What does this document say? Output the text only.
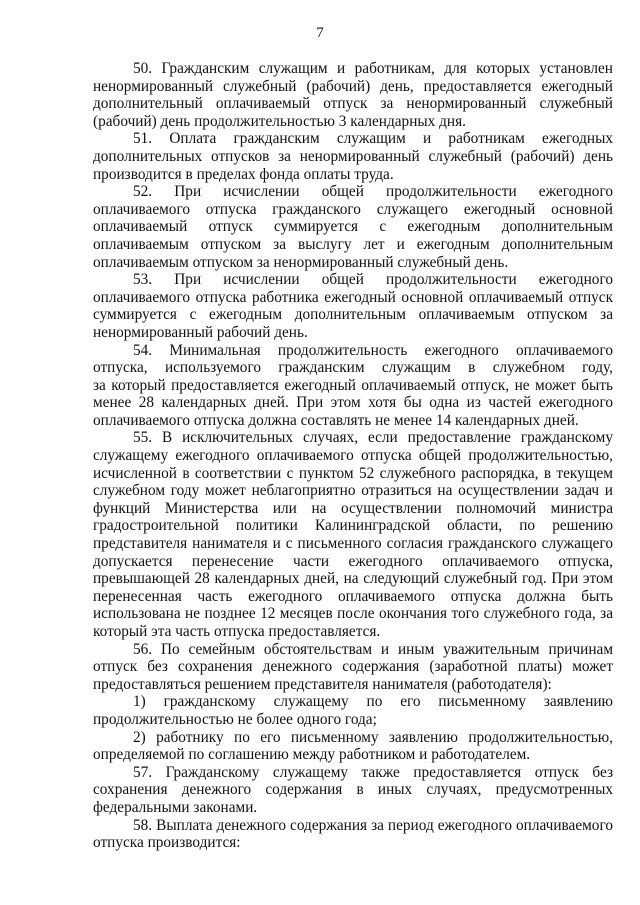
7
50. Гражданским служащим и работникам, для которых установлен
ненормированный служебный (рабочий) день, предоставляется ежегодный
дополнительный оплачиваемый отпуск за ненормированный служебный
(рабочий) день продолжительностью 3 календарных дня.
51. Оплата гражданским служащим и работникам ежегодных
дополнительных отпусков за ненормированный служебный (рабочий) день
производится в пределах фонда оплаты труда.
52. При исчислении общей продолжительности ежегодного
оплачиваемого отпуска гражданского служащего ежегодный основной
оплачиваемый отпуск суммируется с ежегодным дополнительным
оплачиваемым отпуском за выслугу лет и ежегодным дополнительным
оплачиваемым отпуском за ненормированный служебный день.
53. При исчислении общей продолжительности ежегодного
оплачиваемого отпуска работника ежегодный основной оплачиваемый отпуск
суммируется с ежегодным дополнительным оплачиваемым отпуском за
ненормированный рабочий день.
54. Минимальная продолжительность ежегодного оплачиваемого
отпуска, используемого гражданским служащим в служебном году,
за который предоставляется ежегодный оплачиваемый отпуск, не может быть
менее 28 календарных дней. При этом хотя бы одна из частей ежегодного
оплачиваемого отпуска должна составлять не менее 14 календарных дней.
55. В исключительных случаях, если предоставление гражданскому
служащему ежегодного оплачиваемого отпуска общей продолжительностью,
исчисленной в соответствии с пунктом 52 служебного распорядка, в текущем
служебном году может неблагоприятно отразиться на осуществлении задач и
функций Министерства или на осуществлении полномочий министра
градостроительной политики Калининградской области, по решению
представителя нанимателя и с письменного согласия гражданского служащего
допускается перенесение части ежегодного оплачиваемого отпуска,
превышающей 28 календарных дней, на следующий служебный год. При этом
перенесенная часть ежегодного оплачиваемого отпуска должна быть
использована не позднее 12 месяцев после окончания того служебного года, за
который эта часть отпуска предоставляется.
56. По семейным обстоятельствам и иным уважительным причинам
отпуск без сохранения денежного содержания (заработной платы) может
предоставляться решением представителя нанимателя (работодателя):
1) гражданскому служащему по его письменному заявлению
продолжительностью не более одного года;
2) работнику по его письменному заявлению продолжительностью,
определяемой по соглашению между работником и работодателем.
57. Гражданскому служащему также предоставляется отпуск без
сохранения денежного содержания в иных случаях, предусмотренных
федеральными законами.
58. Выплата денежного содержания за период ежегодного оплачиваемого
отпуска производится:
